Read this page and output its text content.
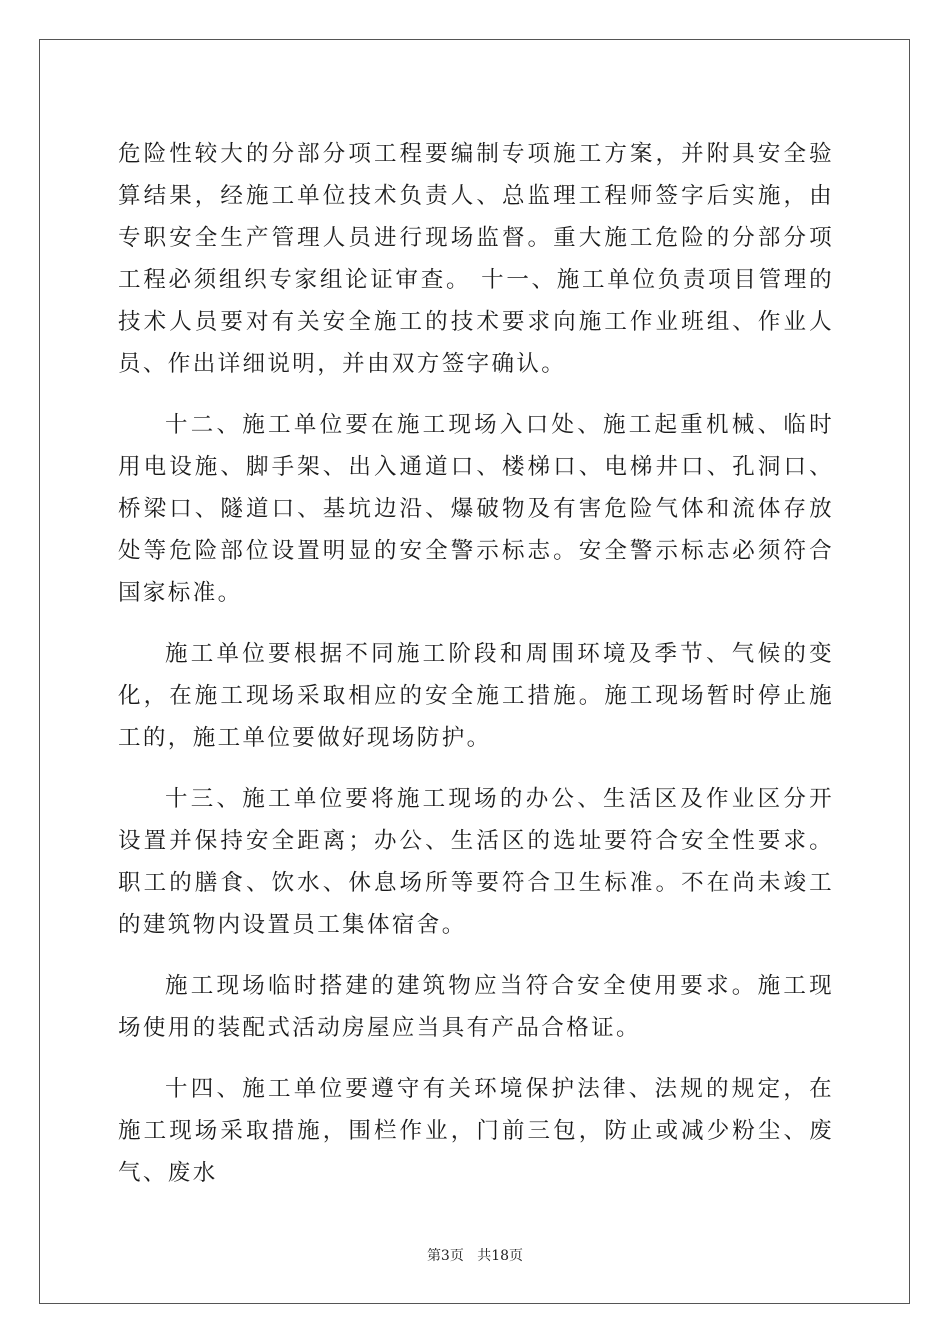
危险性较大的分部分项工程要编制专项施工方案，并附具安全验算结果，经施工单位技术负责人、总监理工程师签字后实施，由专职安全生产管理人员进行现场监督。重大施工危险的分部分项工程必须组织专家组论证审查。 十一、施工单位负责项目管理的技术人员要对有关安全施工的技术要求向施工作业班组、作业人员、作出详细说明，并由双方签字确认。

十二、施工单位要在施工现场入口处、施工起重机械、临时用电设施、脚手架、出入通道口、楼梯口、电梯井口、孔洞口、桥梁口、隧道口、基坑边沿、爆破物及有害危险气体和流体存放处等危险部位设置明显的安全警示标志。安全警示标志必须符合国家标准。

施工单位要根据不同施工阶段和周围环境及季节、气候的变化，在施工现场采取相应的安全施工措施。施工现场暂时停止施工的，施工单位要做好现场防护。

十三、施工单位要将施工现场的办公、生活区及作业区分开设置并保持安全距离；办公、生活区的选址要符合安全性要求。职工的膳食、饮水、休息场所等要符合卫生标准。不在尚未竣工的建筑物内设置员工集体宿舍。

施工现场临时搭建的建筑物应当符合安全使用要求。施工现场使用的装配式活动房屋应当具有产品合格证。

十四、施工单位要遵守有关环境保护法律、法规的规定，在施工现场采取措施，围栏作业，门前三包，防止或减少粉尘、废气、废水

第3页 共18页
